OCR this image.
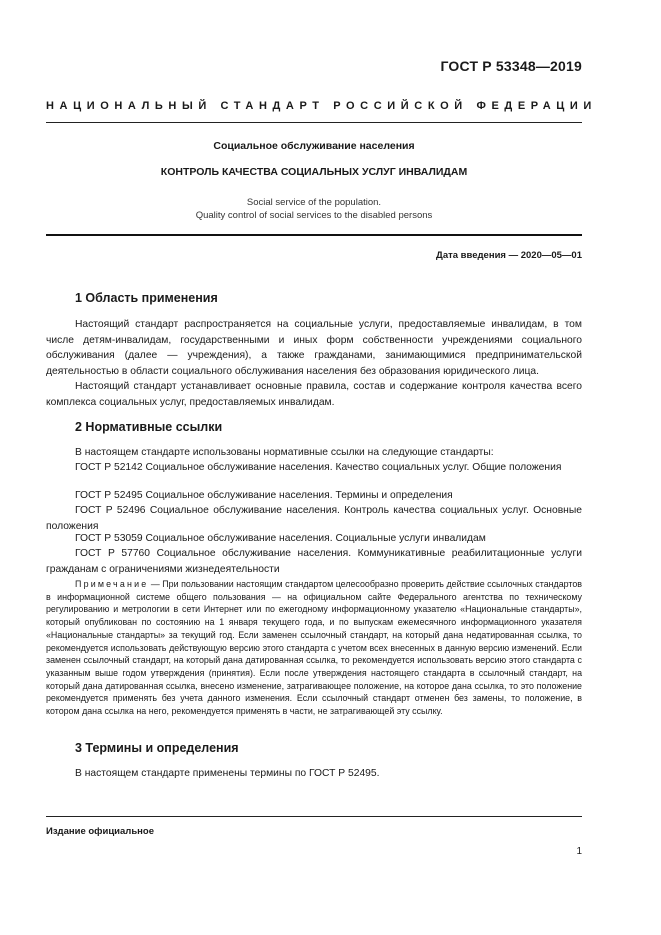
ГОСТ Р 53348—2019
НАЦИОНАЛЬНЫЙ СТАНДАРТ РОССИЙСКОЙ ФЕДЕРАЦИИ
Социальное обслуживание населения
КОНТРОЛЬ КАЧЕСТВА СОЦИАЛЬНЫХ УСЛУГ ИНВАЛИДАМ
Social service of the population.
Quality control of social services to the disabled persons
Дата введения — 2020—05—01
1 Область применения

Настоящий стандарт распространяется на социальные услуги, предоставляемые инвалидам, в том числе детям-инвалидам, государственными и иных форм собственности учреждениями социального обслуживания (далее — учреждения), а также гражданами, занимающимися предпринимательской деятельностью в области социального обслуживания населения без образования юридического лица.

Настоящий стандарт устанавливает основные правила, состав и содержание контроля качества всего комплекса социальных услуг, предоставляемых инвалидам.

2 Нормативные ссылки
В настоящем стандарте использованы нормативные ссылки на следующие стандарты:
ГОСТ Р 52142 Социальное обслуживание населения. Качество социальных услуг. Общие положения
ГОСТ Р 52495 Социальное обслуживание населения. Термины и определения
ГОСТ Р 52496 Социальное обслуживание населения. Контроль качества социальных услуг. Основные положения
ГОСТ Р 53059 Социальное обслуживание населения. Социальные услуги инвалидам
ГОСТ Р 57760 Социальное обслуживание населения. Коммуникативные реабилитационные услуги гражданам с ограничениями жизнедеятельности
Примечание — При пользовании настоящим стандартом целесообразно проверить действие ссылочных стандартов в информационной системе общего пользования — на официальном сайте Федерального агентства по техническому регулированию и метрологии в сети Интернет или по ежегодному информационному указателю «Национальные стандарты», который опубликован по состоянию на 1 января текущего года, и по выпускам ежемесячного информационного указателя «Национальные стандарты» за текущий год. Если заменен ссылочный стандарт, на который дана недатированная ссылка, то рекомендуется использовать действующую версию этого стандарта с учетом всех внесенных в данную версию изменений. Если заменен ссылочный стандарт, на который дана датированная ссылка, то рекомендуется использовать версию этого стандарта с указанным выше годом утверждения (принятия). Если после утверждения настоящего стандарта в ссылочный стандарт, на который дана датированная ссылка, внесено изменение, затрагивающее положение, на которое дана ссылка, то это положение рекомендуется применять без учета данного изменения. Если ссылочный стандарт отменен без замены, то положение, в котором дана ссылка на него, рекомендуется применять в части, не затрагивающей эту ссылку.
3 Термины и определения
В настоящем стандарте применены термины по ГОСТ Р 52495.
Издание официальное
1
